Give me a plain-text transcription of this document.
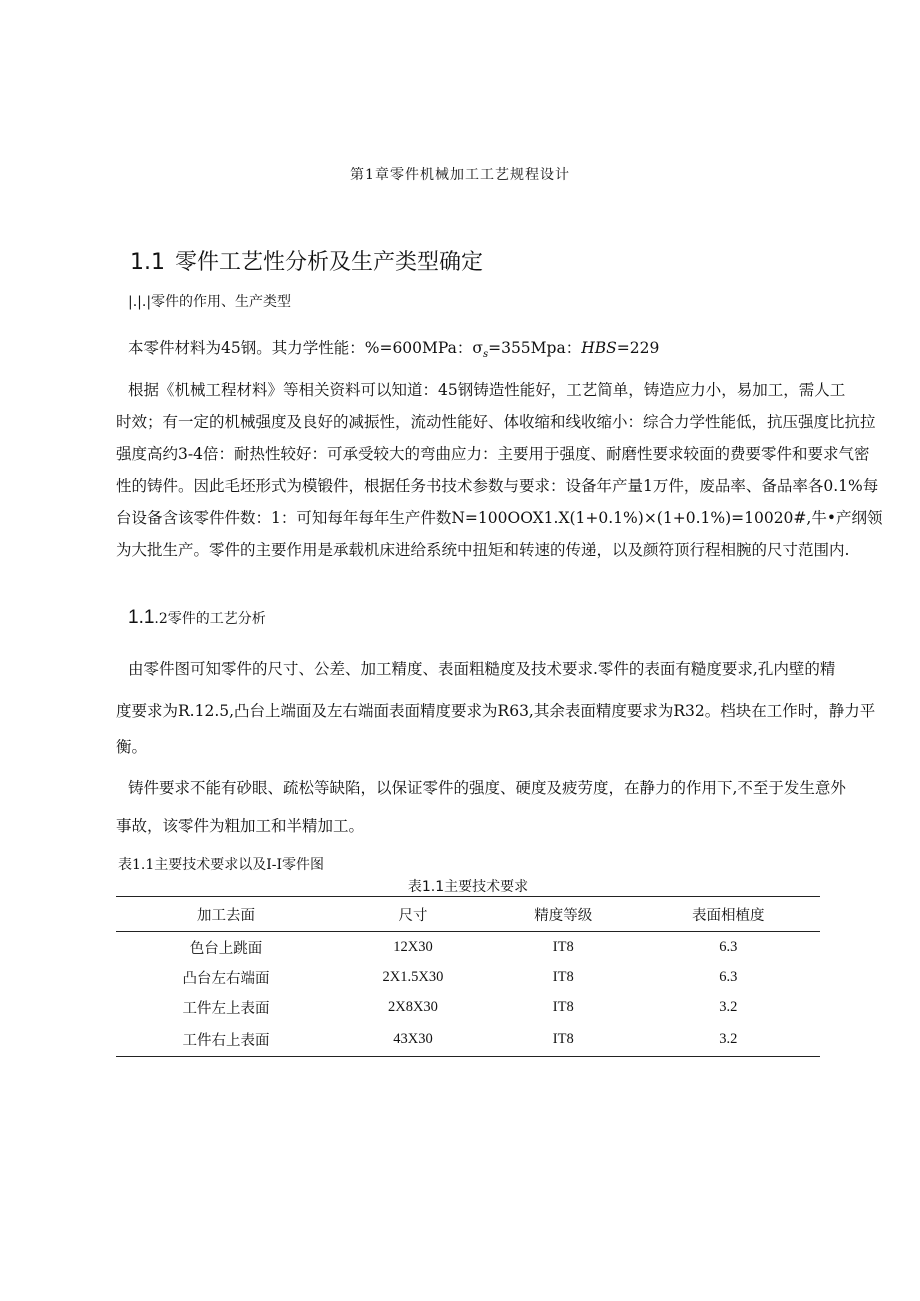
第1章零件机械加工工艺规程设计
1.1 零件工艺性分析及生产类型确定
|.|.|零件的作用、生产类型
本零件材料为45钢。其力学性能：%=600MPa：$\sigma_s=355Mpa$：HBS=229
根据《机械工程材料》等相关资料可以知道：45钢铸造性能好，工艺简单，铸造应力小，易加工，需人工
时效；有一定的机械强度及良好的减振性，流动性能好、体收缩和线收缩小：综合力学性能低，抗压强度比抗拉
强度高约3-4倍：耐热性较好：可承受较大的弯曲应力：主要用于强度、耐磨性要求较面的费要零件和要求气密
性的铸件。因此毛坯形式为模锻件，根据任务书技术参数与要求：设备年产量1万件，废品率、备品率各0.1%每
台设备含该零件件数：1：可知每年每年生产件数N=100OOX1.X(1+0.1%)×(1+0.1%)=10020#,牛•产纲领
为大批生产。零件的主要作用是承载机床进给系统中扭矩和转速的传递，以及颜符顶行程相腕的尺寸范围内.
1.1.2零件的工艺分析
由零件图可知零件的尺寸、公差、加工精度、表面粗糙度及技术要求.零件的表面有糙度要求,孔内壁的精
度要求为R.12.5,凸台上端面及左右端面表面精度要求为R63,其余表面精度要求为R32。档块在工作时，静力平
衡。
铸件要求不能有砂眼、疏松等缺陷，以保证零件的强度、硬度及疲劳度，在静力的作用下,不至于发生意外
事故，该零件为粗加工和半精加工。
表1.1主要技术要求以及I-I零件图
表1.1主要技术要求
加工去面	尺寸	精度等级	表面相植度
色台上跳面	12X30	IT8	6.3
凸台左右端面	2X1.5X30	IT8	6.3
工件左上表面	2X8X30	IT8	3.2
工件右上表面	43X30	IT8	3.2
